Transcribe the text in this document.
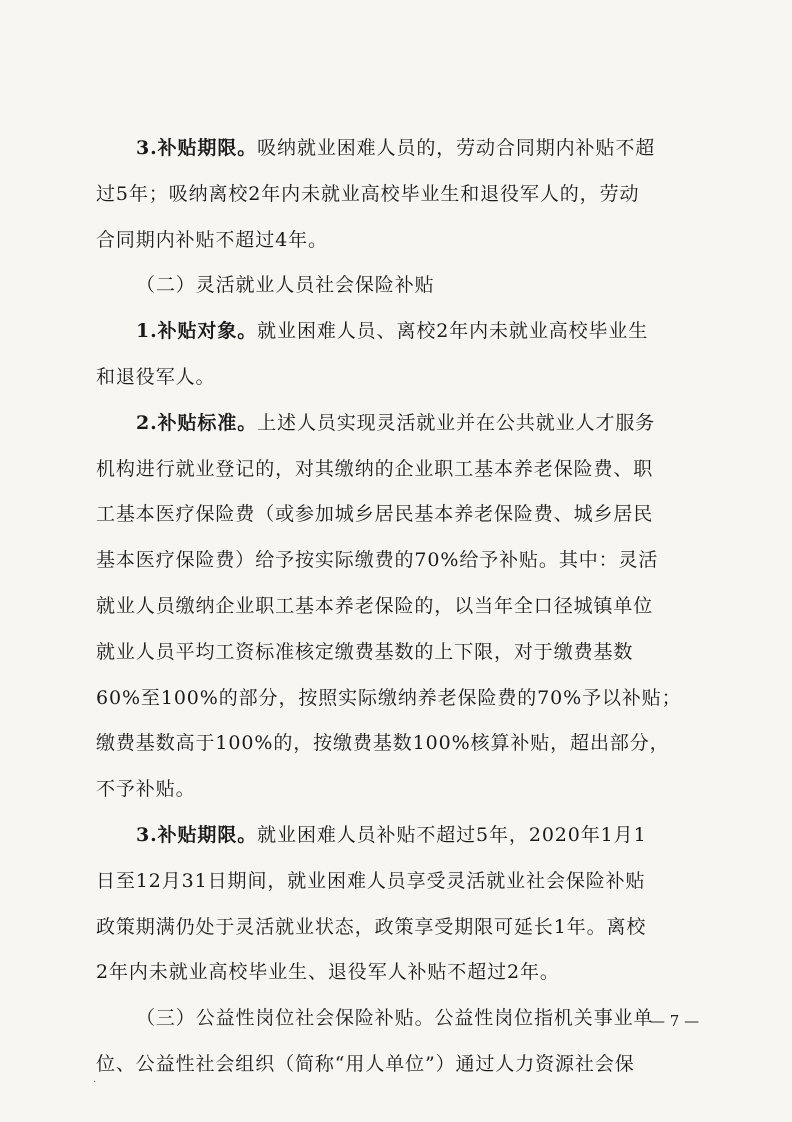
3.补贴期限。吸纳就业困难人员的，劳动合同期内补贴不超
过5年；吸纳离校2年内未就业高校毕业生和退役军人的，劳动
合同期内补贴不超过4年。
（二）灵活就业人员社会保险补贴
1.补贴对象。就业困难人员、离校2年内未就业高校毕业生
和退役军人。
2.补贴标准。上述人员实现灵活就业并在公共就业人才服务
机构进行就业登记的，对其缴纳的企业职工基本养老保险费、职
工基本医疗保险费（或参加城乡居民基本养老保险费、城乡居民
基本医疗保险费）给予按实际缴费的70%给予补贴。其中：灵活
就业人员缴纳企业职工基本养老保险的，以当年全口径城镇单位
就业人员平均工资标准核定缴费基数的上下限，对于缴费基数
60%至100%的部分，按照实际缴纳养老保险费的70%予以补贴；
缴费基数高于100%的，按缴费基数100%核算补贴，超出部分，
不予补贴。
3.补贴期限。就业困难人员补贴不超过5年，2020年1月1
日至12月31日期间，就业困难人员享受灵活就业社会保险补贴
政策期满仍处于灵活就业状态，政策享受期限可延长1年。离校
2年内未就业高校毕业生、退役军人补贴不超过2年。
（三）公益性岗位社会保险补贴。公益性岗位指机关事业单
位、公益性社会组织（简称“用人单位”）通过人力资源社会保
— 7 —
·
